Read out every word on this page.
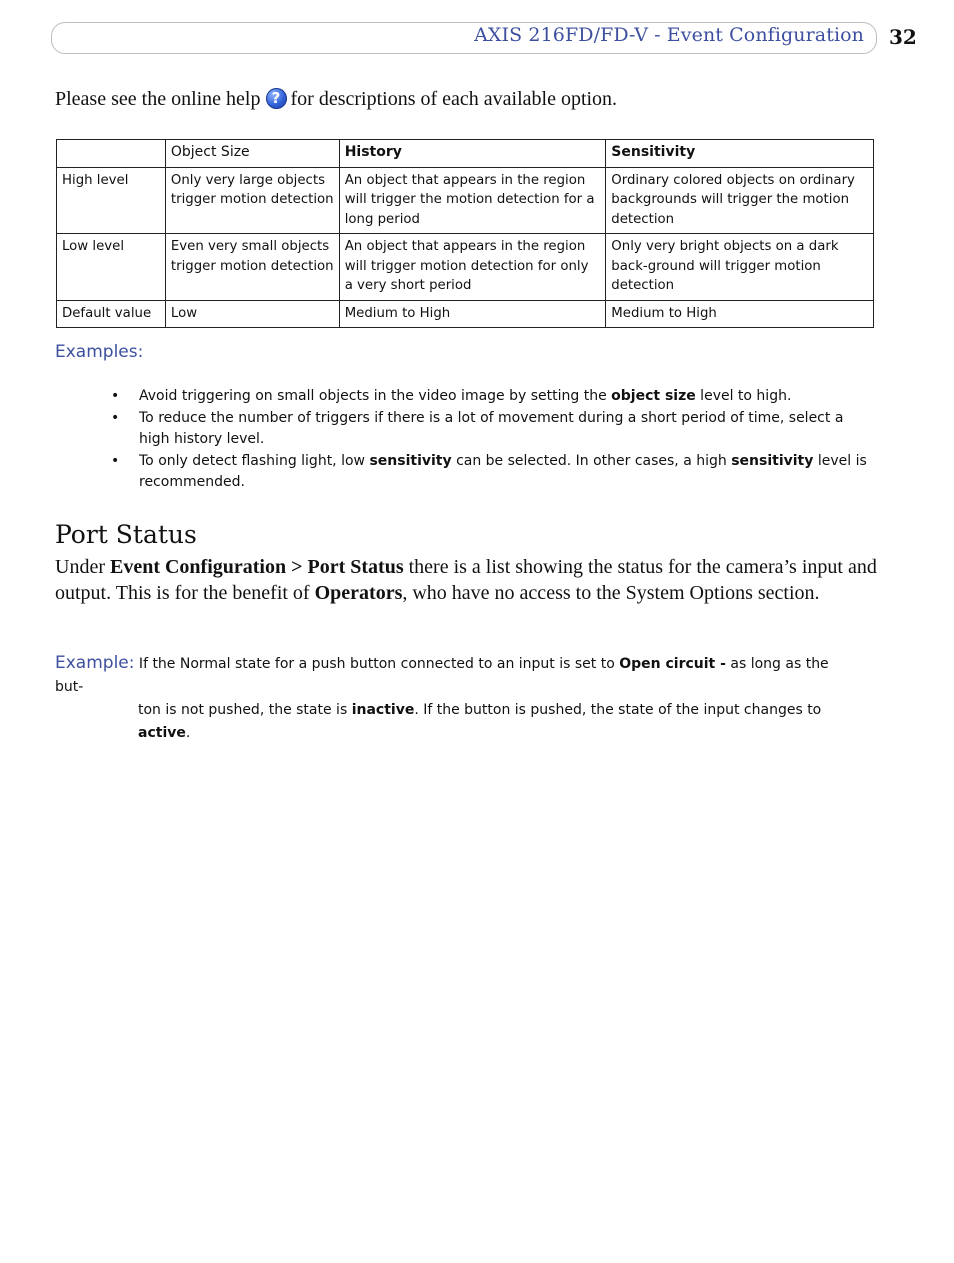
AXIS 216FD/FD-V - Event Configuration 32
Please see the online help ? for descriptions of each available option.
	Object Size	History	Sensitivity
High level	Only very large objects trigger motion detection	An object that appears in the region will trigger the motion detection for a long period	Ordinary colored objects on ordinary backgrounds will trigger the motion detection
Low level	Even very small objects trigger motion detection	An object that appears in the region will trigger motion detection for only a very short period	Only very bright objects on a dark back-ground will trigger motion detection
Default value	Low	Medium to High	Medium to High
Examples:
• Avoid triggering on small objects in the video image by setting the object size level to high.
• To reduce the number of triggers if there is a lot of movement during a short period of time, select a high history level.
• To only detect flashing light, low sensitivity can be selected. In other cases, a high sensitivity level is recommended.
Port Status
Under Event Configuration > Port Status there is a list showing the status for the camera’s input and output. This is for the benefit of Operators, who have no access to the System Options section.
Example: If the Normal state for a push button connected to an input is set to Open circuit - as long as the but-
ton is not pushed, the state is inactive. If the button is pushed, the state of the input changes to active.
